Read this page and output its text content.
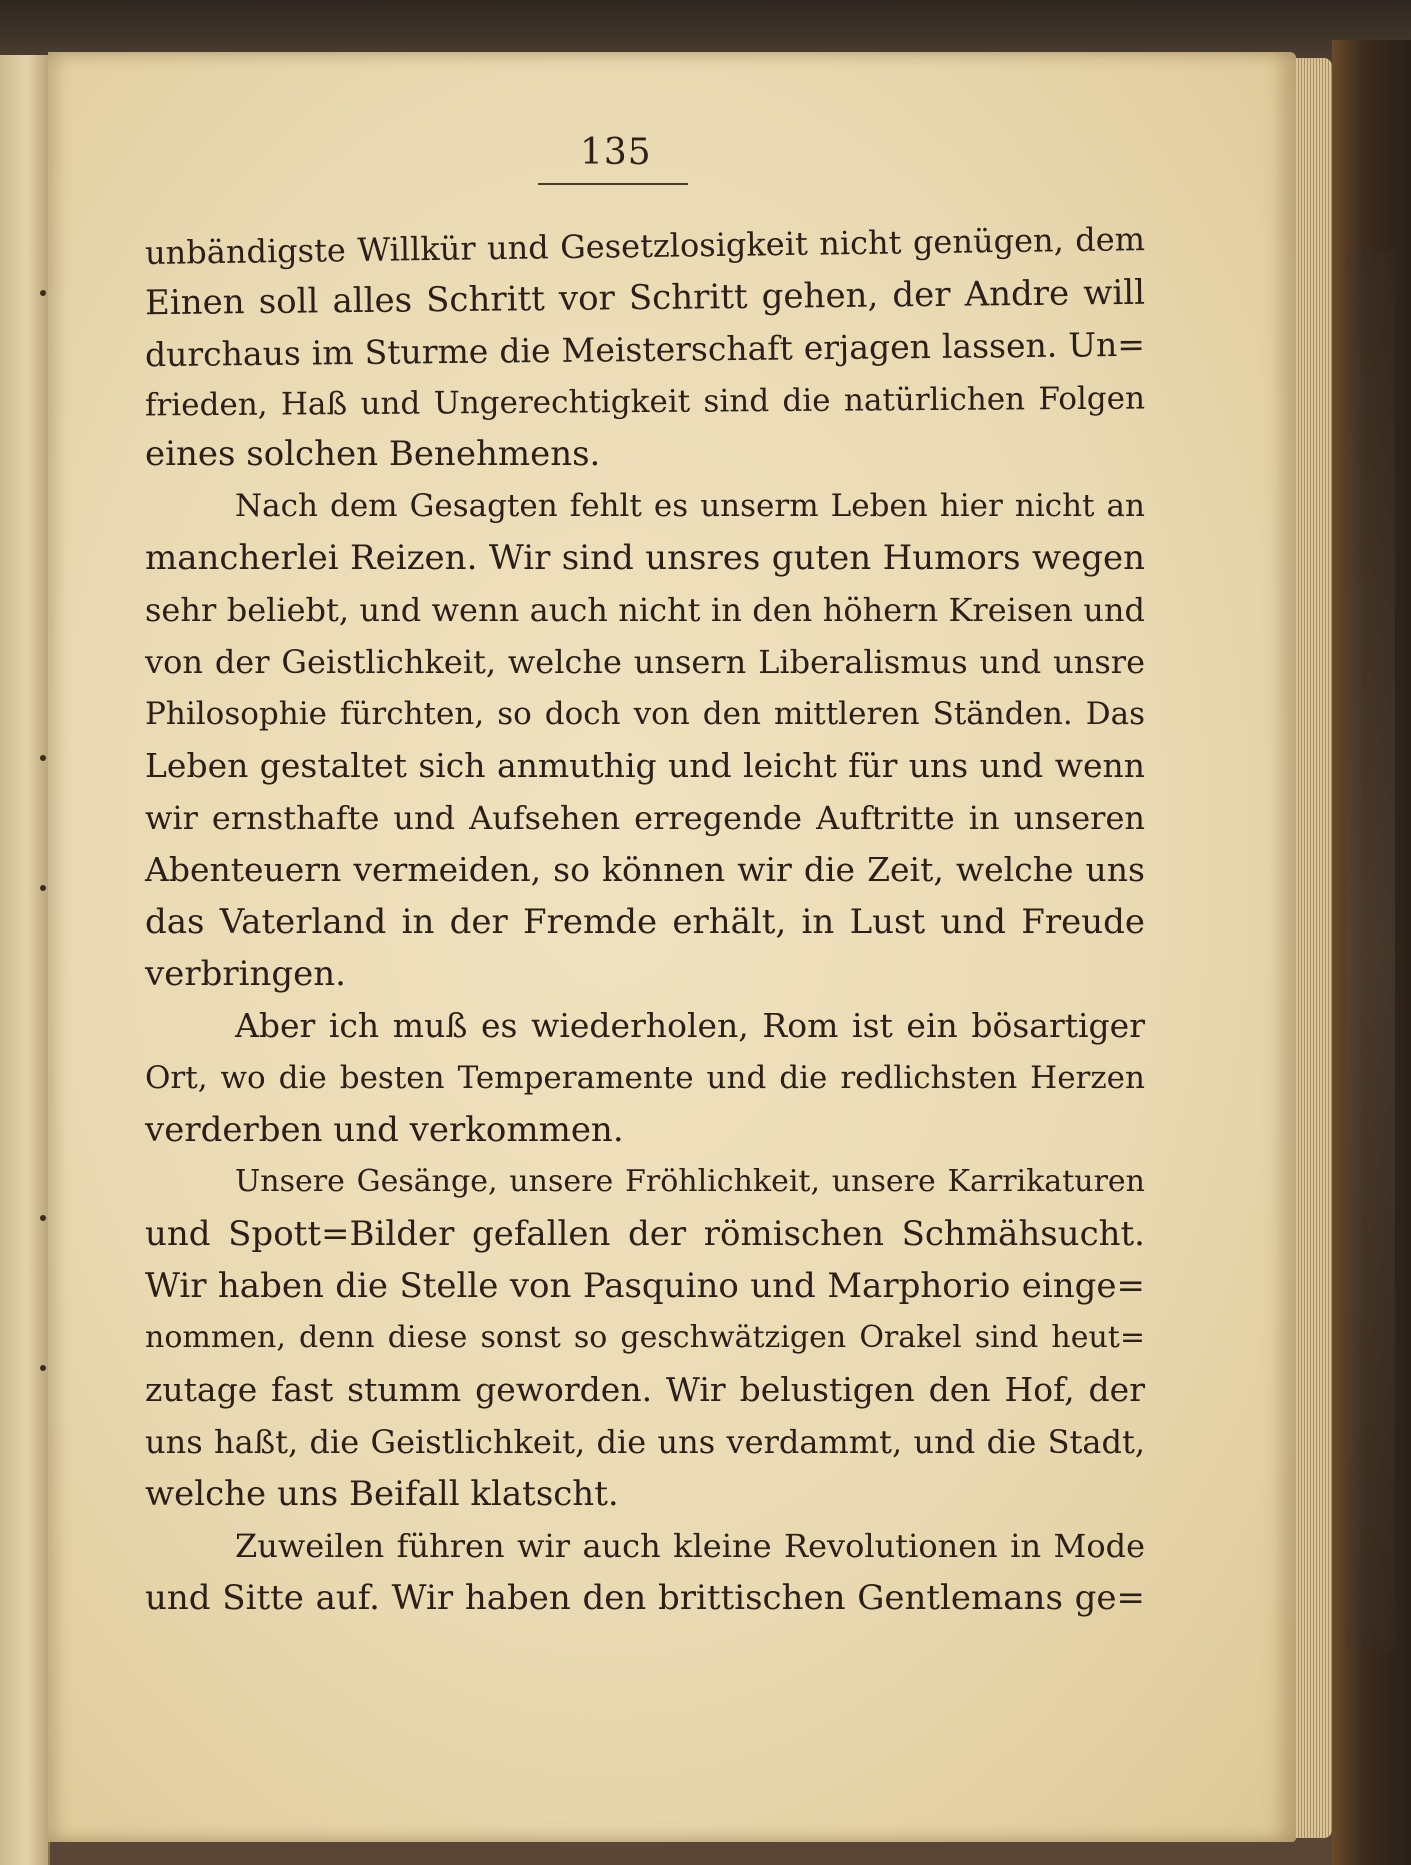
135
unbändigste Willkür und Gesetzlosigkeit nicht genügen, dem
Einen soll alles Schritt vor Schritt gehen, der Andre will
durchaus im Sturme die Meisterschaft erjagen lassen. Un=
frieden, Haß und Ungerechtigkeit sind die natürlichen Folgen
eines solchen Benehmens.
Nach dem Gesagten fehlt es unserm Leben hier nicht an
mancherlei Reizen. Wir sind unsres guten Humors wegen
sehr beliebt, und wenn auch nicht in den höhern Kreisen und
von der Geistlichkeit, welche unsern Liberalismus und unsre
Philosophie fürchten, so doch von den mittleren Ständen. Das
Leben gestaltet sich anmuthig und leicht für uns und wenn
wir ernsthafte und Aufsehen erregende Auftritte in unseren
Abenteuern vermeiden, so können wir die Zeit, welche uns
das Vaterland in der Fremde erhält, in Lust und Freude
verbringen.
Aber ich muß es wiederholen, Rom ist ein bösartiger
Ort, wo die besten Temperamente und die redlichsten Herzen
verderben und verkommen.
Unsere Gesänge, unsere Fröhlichkeit, unsere Karrikaturen
und Spott=Bilder gefallen der römischen Schmähsucht.
Wir haben die Stelle von Pasquino und Marphorio einge=
nommen, denn diese sonst so geschwätzigen Orakel sind heut=
zutage fast stumm geworden. Wir belustigen den Hof, der
uns haßt, die Geistlichkeit, die uns verdammt, und die Stadt,
welche uns Beifall klatscht.
Zuweilen führen wir auch kleine Revolutionen in Mode
und Sitte auf. Wir haben den brittischen Gentlemans ge=
